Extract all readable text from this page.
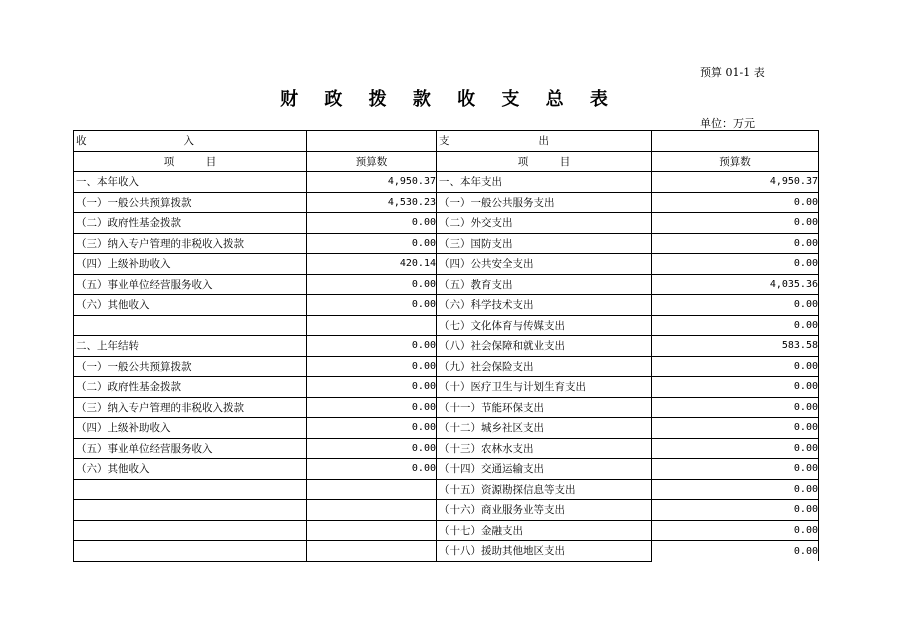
预算 01-1 表
财 政 拨 款 收 支 总 表
单位：万元
收 入		支 出	

项　　　目	预算数	项　　　目	预算数
一、本年收入	4,950.37	一、本年支出	4,950.37
（一）一般公共预算拨款	4,530.23	（一）一般公共服务支出	0.00
（二）政府性基金拨款	0.00	（二）外交支出	0.00
（三）纳入专户管理的非税收入拨款	0.00	（三）国防支出	0.00
（四）上级补助收入	420.14	（四）公共安全支出	0.00
（五）事业单位经营服务收入	0.00	（五）教育支出	4,035.36
（六）其他收入	0.00	（六）科学技术支出	0.00
		（七）文化体育与传媒支出	0.00
二、上年结转	0.00	（八）社会保障和就业支出	583.58
（一）一般公共预算拨款	0.00	（九）社会保险支出	0.00
（二）政府性基金拨款	0.00	（十）医疗卫生与计划生育支出	0.00
（三）纳入专户管理的非税收入拨款	0.00	（十一）节能环保支出	0.00
（四）上级补助收入	0.00	（十二）城乡社区支出	0.00
（五）事业单位经营服务收入	0.00	（十三）农林水支出	0.00
（六）其他收入	0.00	（十四）交通运输支出	0.00
		（十五）资源勘探信息等支出	0.00
		（十六）商业服务业等支出	0.00
		（十七）金融支出	0.00
		（十八）援助其他地区支出	0.00
